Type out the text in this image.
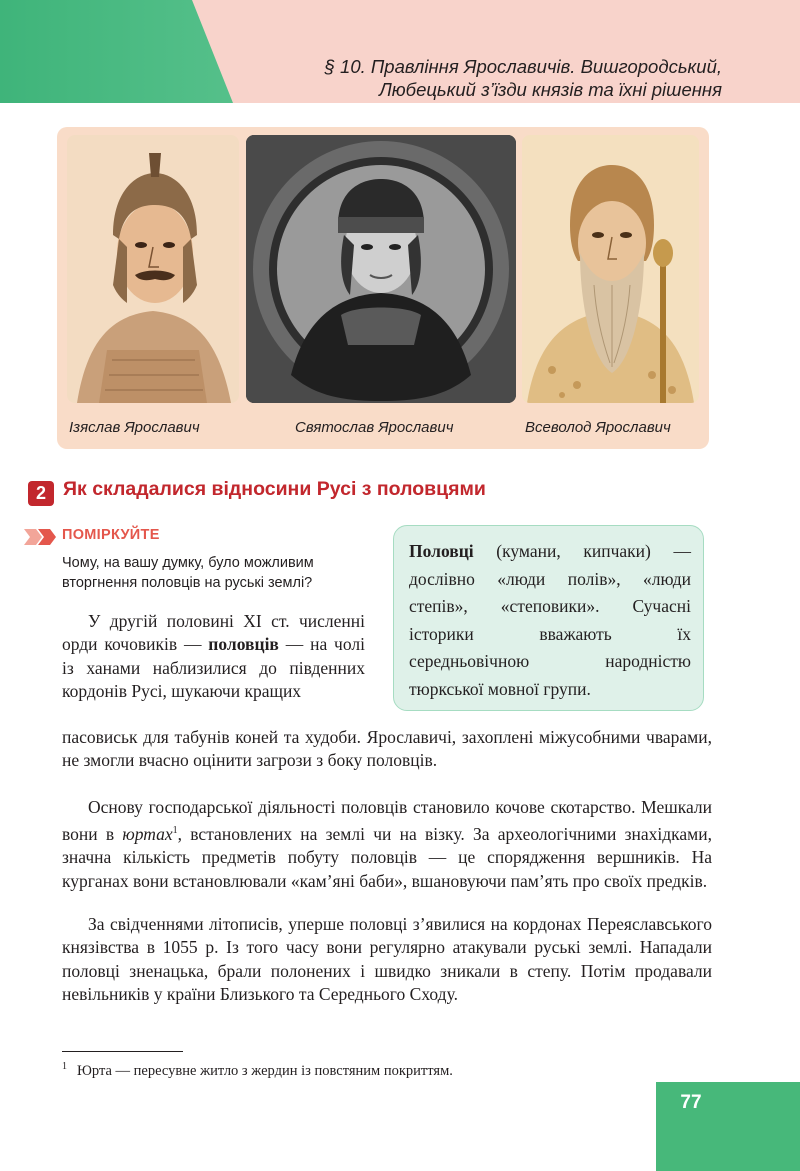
§ 10. Правління Ярославичів. Вишгородський,
Любецький з’їзди князів та їхні рішення
Ізяслав Ярославич	Святослав Ярославич	Всеволод Ярославич
2 Як складалися відносини Русі з половцями
ПОМІРКУЙТЕ
Чому, на вашу думку, було можливим вторгнення половців на руські землі?
Половці (кумани, кипчаки) — дослівно «люди полів», «люди степів», «степовики». Сучасні історики вважають їх середньовічною народністю тюркської мовної групи.
У другій половині XI ст. численні орди кочовиків — половців — на чолі із ханами наблизилися до південних кордонів Русі, шукаючи кращих
пасовиськ для табунів коней та худоби. Ярославичі, захоплені міжусобними чварами, не змогли вчасно оцінити загрози з боку половців.
Основу господарської діяльності половців становило кочове скотарство. Мешкали вони в юртах$^1$, встановлених на землі чи на візку. За археологічними знахідками, значна кількість предметів побуту половців — це спорядження вершників. На курганах вони встановлювали «кам’яні баби», вшановуючи пам’ять про своїх предків.
За свідченнями літописів, уперше половці з’явилися на кордонах Переяславського князівства в 1055 р. Із того часу вони регулярно атакували руські землі. Нападали половці зненацька, брали полонених і швидко зникали в степу. Потім продавали невільників у країни Близького та Середнього Сходу.
$^1$ Юрта — пересувне житло з жердин із повстяним покриттям.
77
